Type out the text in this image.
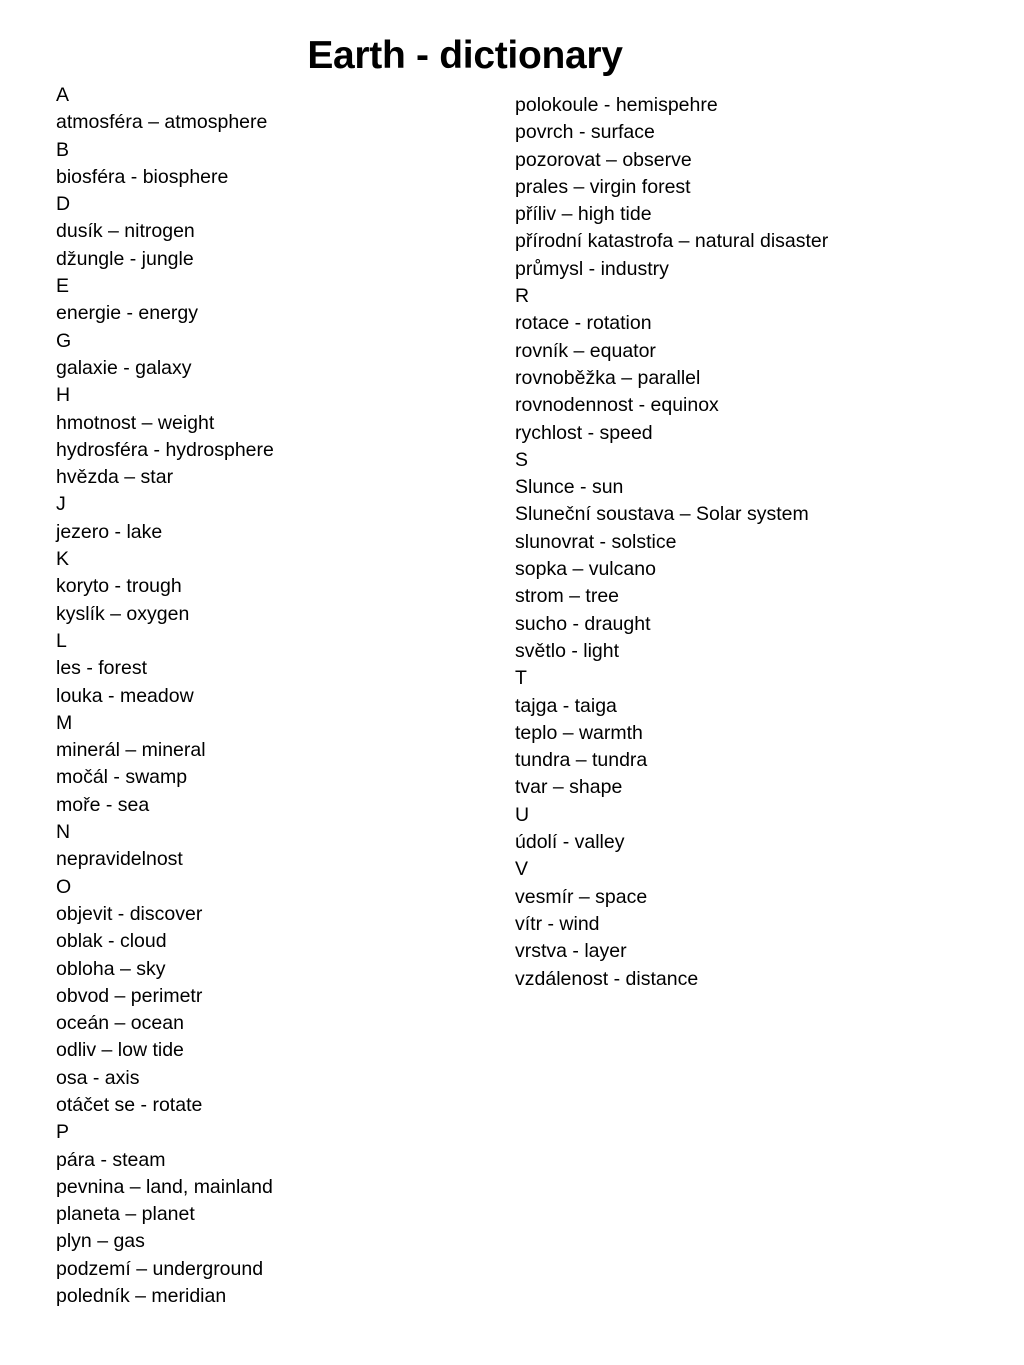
Earth - dictionary
A
atmosféra – atmosphere
B
biosféra - biosphere
D
dusík – nitrogen
džungle - jungle
E
energie - energy
G
galaxie - galaxy
H
hmotnost – weight
hydrosféra - hydrosphere
hvězda – star
J
jezero - lake
K
koryto - trough
kyslík – oxygen
L
les - forest
louka - meadow
M
minerál – mineral
močál - swamp
moře - sea
N
nepravidelnost
O
objevit - discover
oblak - cloud
obloha – sky
obvod – perimetr
oceán – ocean
odliv – low tide
osa - axis
otáčet se - rotate
P
pára - steam
pevnina – land, mainland
planeta – planet
plyn – gas
podzemí – underground
poledník – meridian
polokoule - hemispehre
povrch - surface
pozorovat – observe
prales – virgin forest
příliv – high tide
přírodní katastrofa – natural disaster
průmysl - industry
R
rotace - rotation
rovník – equator
rovnoběžka – parallel
rovnodennost - equinox
rychlost - speed
S
Slunce - sun
Sluneční soustava – Solar system
slunovrat - solstice
sopka – vulcano
strom – tree
sucho - draught
světlo - light
T
tajga - taiga
teplo – warmth
tundra – tundra
tvar – shape
U
údolí - valley
V
vesmír – space
vítr - wind
vrstva - layer
vzdálenost - distance
